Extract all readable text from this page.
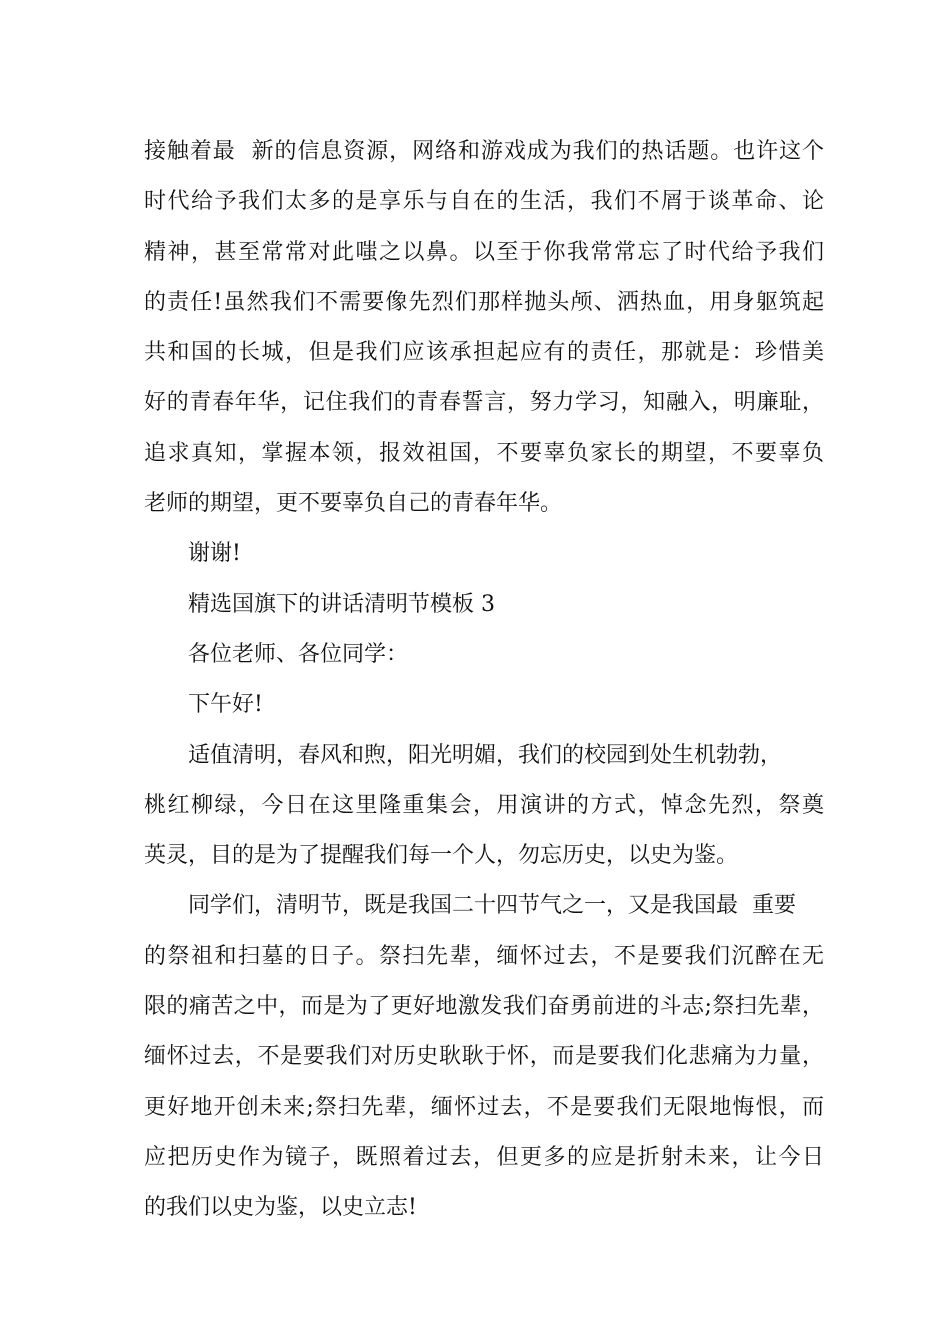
接触着最  新的信息资源，网络和游戏成为我们的热话题。也许这个
时代给予我们太多的是享乐与自在的生活，我们不屑于谈革命、论
精神，甚至常常对此嗤之以鼻。以至于你我常常忘了时代给予我们
的责任!虽然我们不需要像先烈们那样抛头颅、洒热血，用身躯筑起
共和国的长城，但是我们应该承担起应有的责任，那就是：珍惜美
好的青春年华，记住我们的青春誓言，努力学习，知融入，明廉耻，
追求真知，掌握本领，报效祖国，不要辜负家长的期望，不要辜负
老师的期望，更不要辜负自己的青春年华。
谢谢!
精选国旗下的讲话清明节模板 3
各位老师、各位同学：
下午好!
适值清明，春风和煦，阳光明媚，我们的校园到处生机勃勃，
桃红柳绿，今日在这里隆重集会，用演讲的方式，悼念先烈，祭奠
英灵，目的是为了提醒我们每一个人，勿忘历史，以史为鉴。
同学们，清明节，既是我国二十四节气之一，又是我国最  重要
的祭祖和扫墓的日子。祭扫先辈，缅怀过去，不是要我们沉醉在无
限的痛苦之中，而是为了更好地激发我们奋勇前进的斗志;祭扫先辈，
缅怀过去，不是要我们对历史耿耿于怀，而是要我们化悲痛为力量，
更好地开创未来;祭扫先辈，缅怀过去，不是要我们无限地悔恨，而
应把历史作为镜子，既照着过去，但更多的应是折射未来，让今日
的我们以史为鉴，以史立志!
